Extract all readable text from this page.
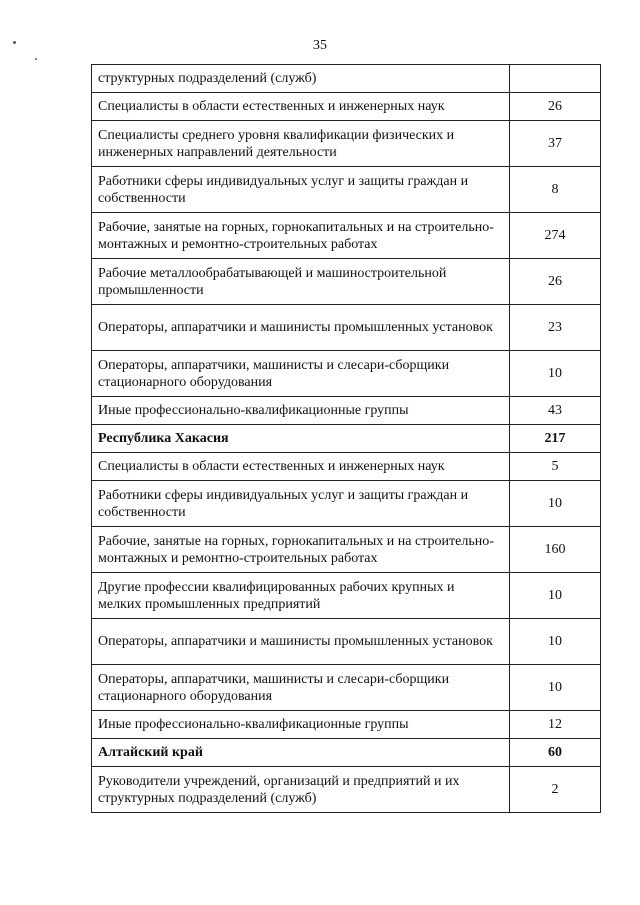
35
структурных подразделений (служб)	
Специалисты в области естественных и инженерных наук	26
Специалисты среднего уровня квалификации физических и инженерных направлений деятельности	37
Работники сферы индивидуальных услуг и защиты граждан и собственности	8
Рабочие, занятые на горных, горнокапитальных и на строительно-монтажных и ремонтно-строительных работах	274
Рабочие металлообрабатывающей и машиностроительной промышленности	26
Операторы, аппаратчики и машинисты промышленных установок	23
Операторы, аппаратчики, машинисты и слесари-сборщики стационарного оборудования	10
Иные профессионально-квалификационные группы	43
Республика Хакасия	217
Специалисты в области естественных и инженерных наук	5
Работники сферы индивидуальных услуг и защиты граждан и собственности	10
Рабочие, занятые на горных, горнокапитальных и на строительно-монтажных и ремонтно-строительных работах	160
Другие профессии квалифицированных рабочих крупных и мелких промышленных предприятий	10
Операторы, аппаратчики и машинисты промышленных установок	10
Операторы, аппаратчики, машинисты и слесари-сборщики стационарного оборудования	10
Иные профессионально-квалификационные группы	12
Алтайский край	60
Руководители учреждений, организаций и предприятий и их структурных подразделений (служб)	2
